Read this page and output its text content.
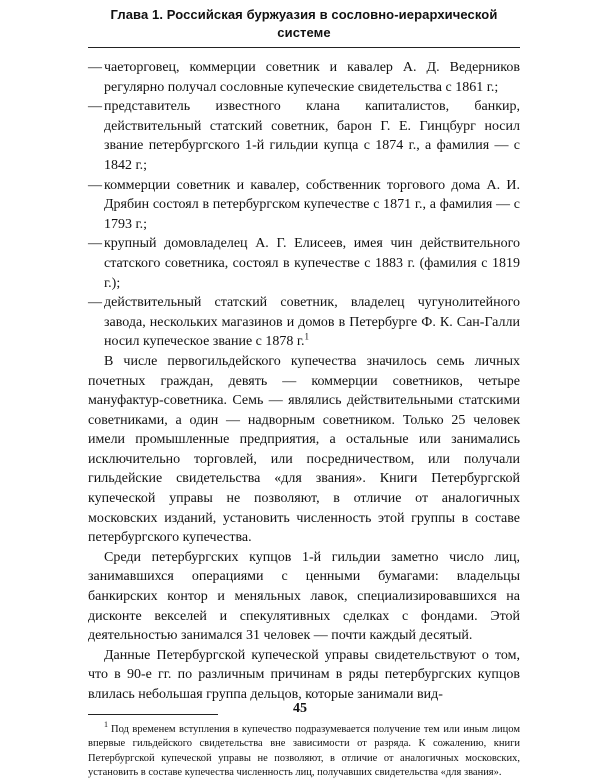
Глава 1. Российская буржуазия в сословно-иерархической системе
— чаеторговец, коммерции советник и кавалер А. Д. Ведерников регулярно получал сословные купеческие свидетельства с 1861 г.;
— представитель известного клана капиталистов, банкир, действительный статский советник, барон Г. Е. Гинцбург носил звание петербургского 1-й гильдии купца с 1874 г., а фамилия — с 1842 г.;
— коммерции советник и кавалер, собственник торгового дома А. И. Дрябин состоял в петербургском купечестве с 1871 г., а фамилия — с 1793 г.;
— крупный домовладелец А. Г. Елисеев, имея чин действительного статского советника, состоял в купечестве с 1883 г. (фамилия с 1819 г.);
— действительный статский советник, владелец чугунолитейного завода, нескольких магазинов и домов в Петербурге Ф. К. Сан-Галли носил купеческое звание с 1878 г.$^1$

В числе первогильдейского купечества значилось семь личных почетных граждан, девять — коммерции советников, четыре мануфактур-советника. Семь — являлись действительными статскими советниками, а один — надворным советником. Только 25 человек имели промышленные предприятия, а остальные или занимались исключительно торговлей, или посредничеством, или получали гильдейские свидетельства «для звания». Книги Петербургской купеческой управы не позволяют, в отличие от аналогичных московских изданий, установить численность этой группы в составе петербургского купечества.

Среди петербургских купцов 1-й гильдии заметно число лиц, занимавшихся операциями с ценными бумагами: владельцы банкирских контор и меняльных лавок, специализировавшихся на дисконте векселей и спекулятивных сделках с фондами. Этой деятельностью занимался 31 человек — почти каждый десятый.

Данные Петербургской купеческой управы свидетельствуют о том, что в 90-е гг. по различным причинам в ряды петербургских купцов влилась небольшая группа дельцов, которые занимали вид-

$^1$ Под временем вступления в купечество подразумевается получение тем или иным лицом впервые гильдейского свидетельства вне зависимости от разряда. К сожалению, книги Петербургской купеческой управы не позволяют, в отличие от аналогичных московских, установить в составе купечества численность лиц, получавших свидетельства «для звания».

45
